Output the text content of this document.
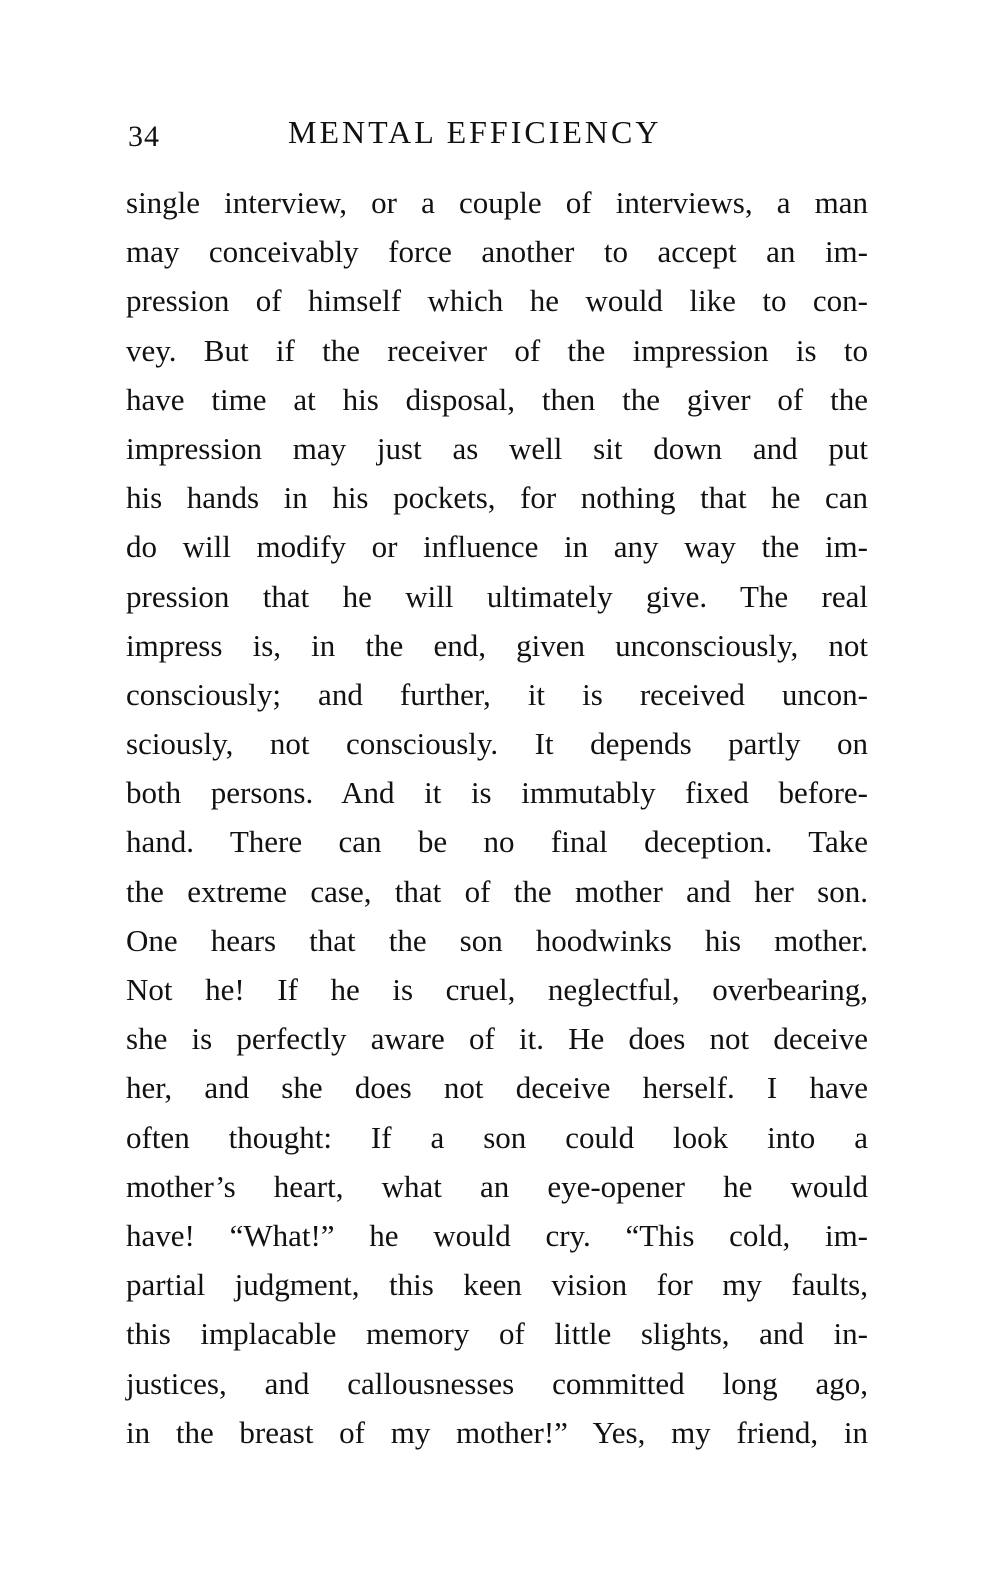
34	MENTAL EFFICIENCY
single interview, or a couple of interviews, a man
may conceivably force another to accept an im-
pression of himself which he would like to con-
vey. But if the receiver of the impression is to
have time at his disposal, then the giver of the
impression may just as well sit down and put
his hands in his pockets, for nothing that he can
do will modify or influence in any way the im-
pression that he will ultimately give. The real
impress is, in the end, given unconsciously, not
consciously; and further, it is received uncon-
sciously, not consciously. It depends partly on
both persons. And it is immutably fixed before-
hand. There can be no final deception. Take
the extreme case, that of the mother and her son.
One hears that the son hoodwinks his mother.
Not he! If he is cruel, neglectful, overbearing,
she is perfectly aware of it. He does not deceive
her, and she does not deceive herself. I have
often thought: If a son could look into a
mother’s heart, what an eye-opener he would
have! “What!” he would cry. “This cold, im-
partial judgment, this keen vision for my faults,
this implacable memory of little slights, and in-
justices, and callousnesses committed long ago,
in the breast of my mother!” Yes, my friend, in
